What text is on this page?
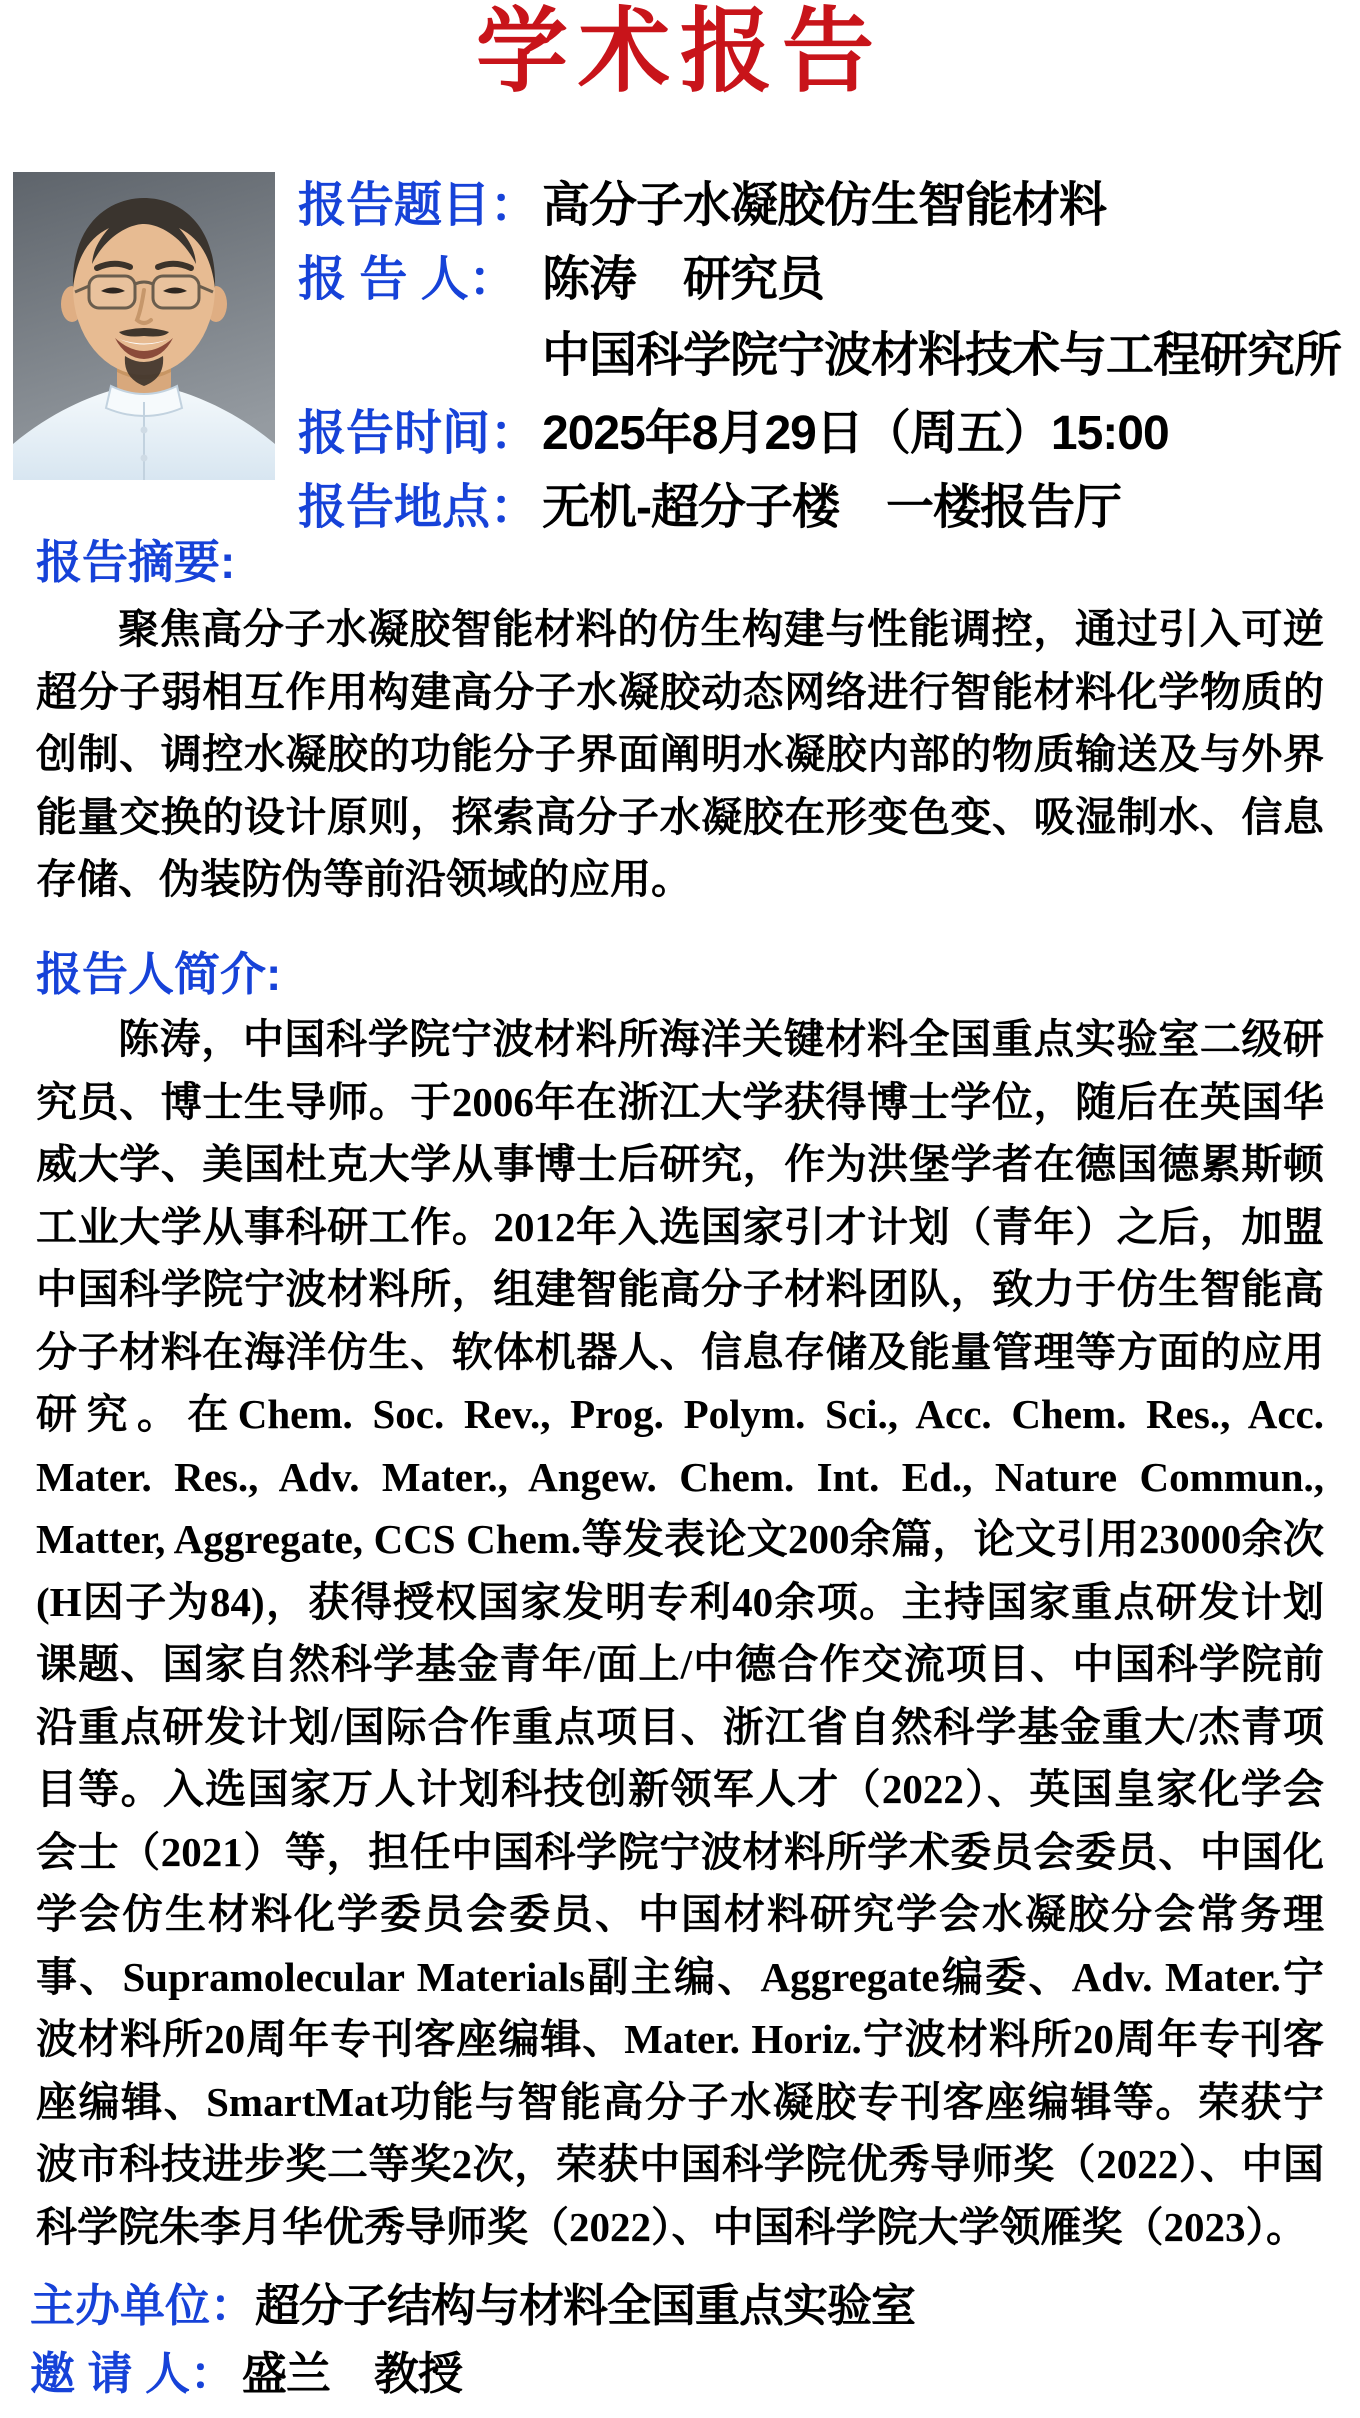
学术报告
报告题目：高分子水凝胶仿生智能材料
报 告 人： 陈涛　研究员
中国科学院宁波材料技术与工程研究所
报告时间：2025年8月29日（周五）15:00
报告地点：无机-超分子楼　一楼报告厅
报告摘要:
聚焦高分子水凝胶智能材料的仿生构建与性能调控，通过引入可逆超分子弱相互作用构建高分子水凝胶动态网络进行智能材料化学物质的创制、调控水凝胶的功能分子界面阐明水凝胶内部的物质输送及与外界能量交换的设计原则，探索高分子水凝胶在形变色变、吸湿制水、信息存储、伪装防伪等前沿领域的应用。
报告人简介:
陈涛，中国科学院宁波材料所海洋关键材料全国重点实验室二级研究员、博士生导师。于2006年在浙江大学获得博士学位，随后在英国华威大学、美国杜克大学从事博士后研究，作为洪堡学者在德国德累斯顿工业大学从事科研工作。2012年入选国家引才计划（青年）之后，加盟中国科学院宁波材料所，组建智能高分子材料团队，致力于仿生智能高分子材料在海洋仿生、软体机器人、信息存储及能量管理等方面的应用研究。在Chem. Soc. Rev., Prog. Polym. Sci., Acc. Chem. Res., Acc. Mater. Res., Adv. Mater., Angew. Chem. Int. Ed., Nature Commun., Matter, Aggregate, CCS Chem.等发表论文200余篇，论文引用23000余次(H因子为84)，获得授权国家发明专利40余项。主持国家重点研发计划课题、国家自然科学基金青年/面上/中德合作交流项目、中国科学院前沿重点研发计划/国际合作重点项目、浙江省自然科学基金重大/杰青项目等。入选国家万人计划科技创新领军人才（2022）、英国皇家化学会会士（2021）等，担任中国科学院宁波材料所学术委员会委员、中国化学会仿生材料化学委员会委员、中国材料研究学会水凝胶分会常务理事、Supramolecular Materials副主编、Aggregate编委、Adv. Mater.宁波材料所20周年专刊客座编辑、Mater. Horiz.宁波材料所20周年专刊客座编辑、SmartMat功能与智能高分子水凝胶专刊客座编辑等。荣获宁波市科技进步奖二等奖2次，荣获中国科学院优秀导师奖（2022）、中国科学院朱李月华优秀导师奖（2022）、中国科学院大学领雁奖（2023）。
主办单位：超分子结构与材料全国重点实验室
邀 请 人： 盛兰　教授
